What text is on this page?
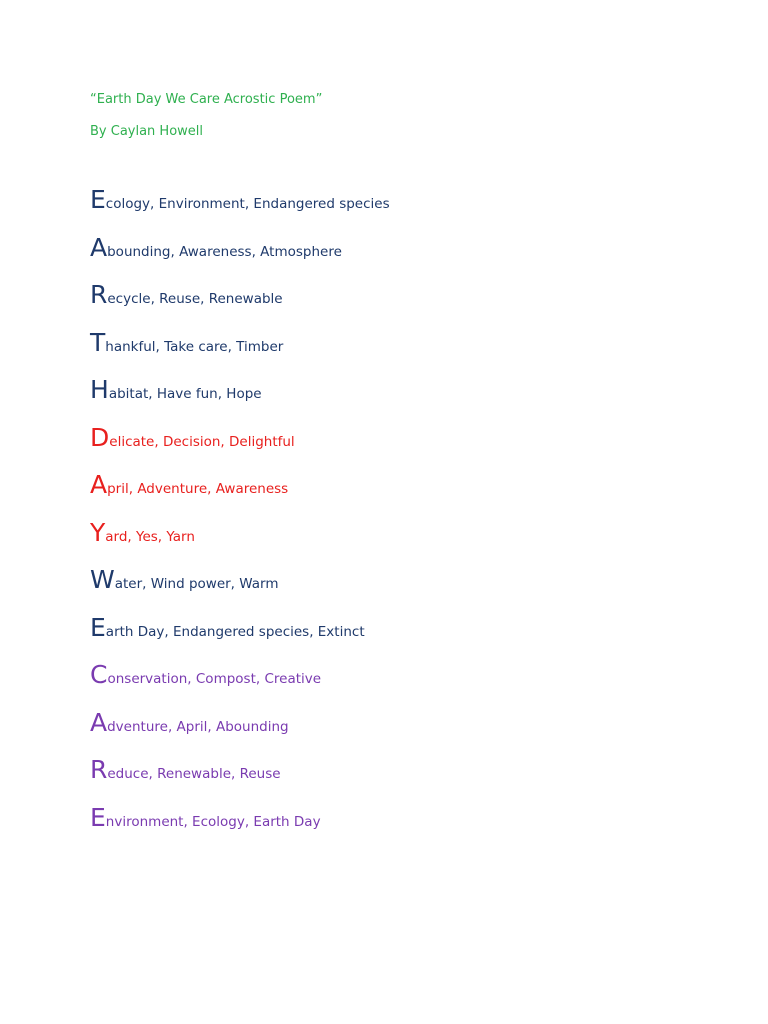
“Earth Day We Care Acrostic Poem”
By Caylan Howell
Ecology, Environment, Endangered species
Abounding, Awareness, Atmosphere
Recycle, Reuse, Renewable
Thankful, Take care, Timber
Habitat, Have fun, Hope
Delicate, Decision, Delightful
April, Adventure, Awareness
Yard, Yes, Yarn
Water, Wind power, Warm
Earth Day, Endangered species, Extinct
Conservation, Compost, Creative
Adventure, April, Abounding
Reduce, Renewable, Reuse
Environment, Ecology, Earth Day
